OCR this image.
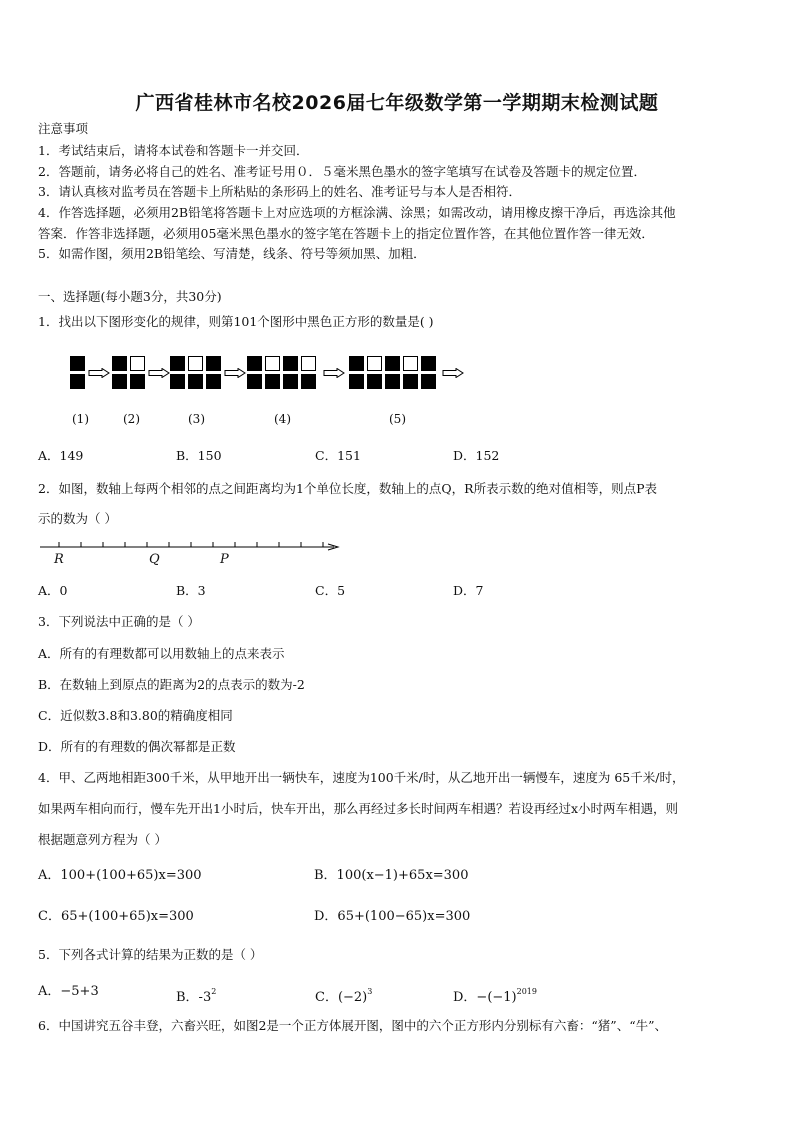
广西省桂林市名校2026届七年级数学第一学期期末检测试题
注意事项
1．考试结束后，请将本试卷和答题卡一并交回．
2．答题前，请务必将自己的姓名、准考证号用０．５毫米黑色墨水的签字笔填写在试卷及答题卡的规定位置．
3．请认真核对监考员在答题卡上所粘贴的条形码上的姓名、准考证号与本人是否相符．
4．作答选择题，必须用2B铅笔将答题卡上对应选项的方框涂满、涂黑；如需改动，请用橡皮擦干净后，再选涂其他
答案．作答非选择题，必须用05毫米黑色墨水的签字笔在答题卡上的指定位置作答，在其他位置作答一律无效．
5．如需作图，须用2B铅笔绘、写清楚，线条、符号等须加黑、加粗．
一、选择题(每小题3分，共30分)
1．找出以下图形变化的规律，则第101个图形中黑色正方形的数量是( )
(1)	(2)	(3)	(4)	(5)
A．149	B．150	C．151	D．152
2．如图，数轴上每两个相邻的点之间距离均为1个单位长度，数轴上的点Q，R所表示数的绝对值相等，则点P表
示的数为（ ）
R	Q	P
A．0	B．3	C．5	D．7
3．下列说法中正确的是（ ）
A．所有的有理数都可以用数轴上的点来表示
B．在数轴上到原点的距离为2的点表示的数为-2
C．近似数3.8和3.80的精确度相同
D．所有的有理数的偶次幂都是正数
4．甲、乙两地相距300千米，从甲地开出一辆快车，速度为100千米/时，从乙地开出一辆慢车，速度为 65千米/时，
如果两车相向而行，慢车先开出1小时后，快车开出，那么再经过多长时间两车相遇？若设再经过x小时两车相遇，则
根据题意列方程为（ ）
A．100+(100+65)x=300	B．100(x−1)+65x=300
C．65+(100+65)x=300	D．65+(100−65)x=300
5．下列各式计算的结果为正数的是（ ）
A．−5+3	B．$-3^2$	C．$(-2)^3$	D．$-(-1)^{2019}$
6．中国讲究五谷丰登，六畜兴旺，如图2是一个正方体展开图，图中的六个正方形内分别标有六畜：“猪”、“牛”、
